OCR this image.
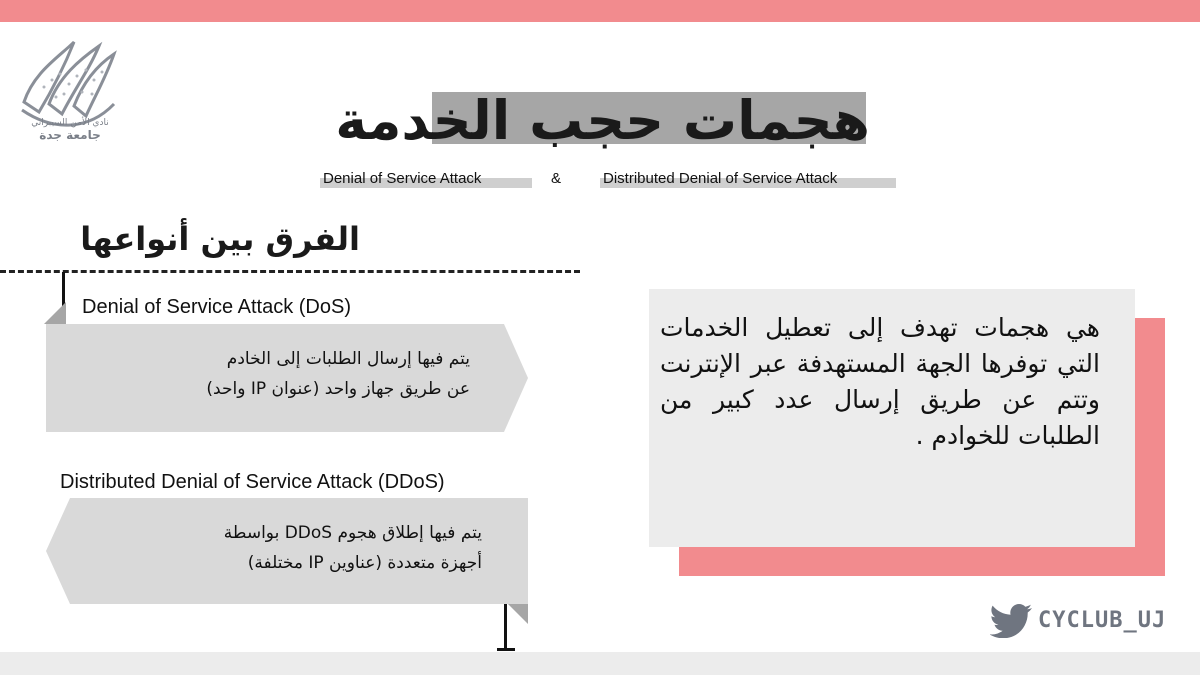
نادي الأمن السيبراني
جامعة جدة	هجمات حجب الخدمة
Denial of Service Attack	&	Distributed Denial of Service Attack
الفرق بين أنواعها
Denial of Service Attack (DoS)
يتم فيها إرسال الطلبات إلى الخادم
عن طريق جهاز واحد (عنوان IP واحد)
Distributed Denial of Service Attack (DDoS)
يتم فيها إطلاق هجوم DDoS بواسطة
أجهزة متعددة (عناوين IP مختلفة)
هي هجمات تهدف إلى تعطيل الخدمات التي توفرها الجهة المستهدفة عبر الإنترنت وتتم عن طريق إرسال عدد كبير من الطلبات للخوادم .
CYCLUB_UJ
